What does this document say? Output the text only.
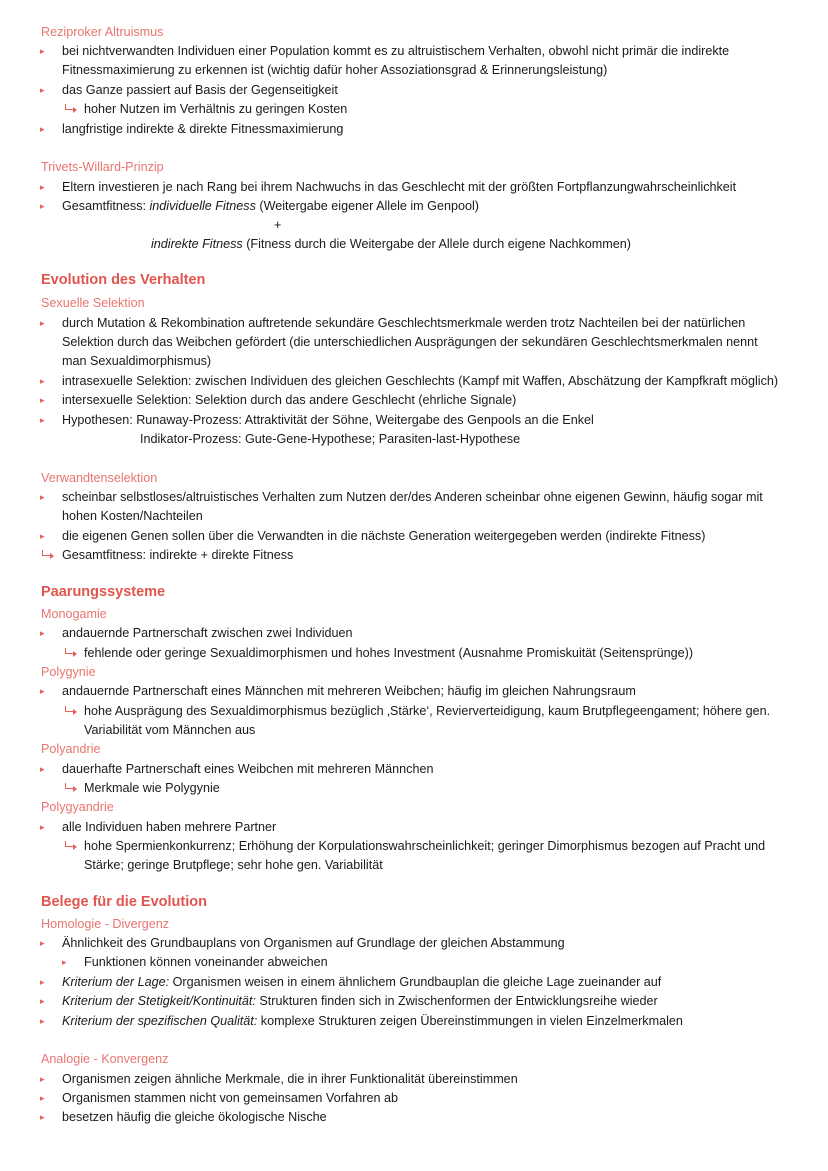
Reziproker Altruismus
▸ bei nichtverwandten Individuen einer Population kommt es zu altruistischem Verhalten, obwohl nicht primär die indirekte
Fitnessmaximierung zu erkennen ist (wichtig dafür hoher Assoziationsgrad & Erinnerungsleistung)
▸ das Ganze passiert auf Basis der Gegenseitigkeit
hoher Nutzen im Verhältnis zu geringen Kosten
▸ langfristige indirekte & direkte Fitnessmaximierung
Trivets-Willard-Prinzip
▸ Eltern investieren je nach Rang bei ihrem Nachwuchs in das Geschlecht mit der größten Fortpflanzungwahrscheinlichkeit
▸ Gesamtfitness: individuelle Fitness (Weitergabe eigener Allele im Genpool)
+
indirekte Fitness (Fitness durch die Weitergabe der Allele durch eigene Nachkommen)
Evolution des Verhalten
Sexuelle Selektion
▸ durch Mutation & Rekombination auftretende sekundäre Geschlechtsmerkmale werden trotz Nachteilen bei der natürlichen
Selektion durch das Weibchen gefördert (die unterschiedlichen Ausprägungen der sekundären Geschlechtsmerkmalen nennt
man Sexualdimorphismus)
▸ intrasexuelle Selektion: zwischen Individuen des gleichen Geschlechts (Kampf mit Waffen, Abschätzung der Kampfkraft möglich)
▸ intersexuelle Selektion: Selektion durch das andere Geschlecht (ehrliche Signale)
▸ Hypothesen: Runaway-Prozess: Attraktivität der Söhne, Weitergabe des Genpools an die Enkel
Indikator-Prozess: Gute-Gene-Hypothese; Parasiten-last-Hypothese
Verwandtenselektion
▸ scheinbar selbstloses/altruistisches Verhalten zum Nutzen der/des Anderen scheinbar ohne eigenen Gewinn, häufig sogar mit
hohen Kosten/Nachteilen
▸ die eigenen Genen sollen über die Verwandten in die nächste Generation weitergegeben werden (indirekte Fitness)
Gesamtfitness: indirekte + direkte Fitness
Paarungssysteme
Monogamie
▸ andauernde Partnerschaft zwischen zwei Individuen
fehlende oder geringe Sexualdimorphismen und hohes Investment (Ausnahme Promiskuität (Seitensprünge))
Polygynie
▸ andauernde Partnerschaft eines Männchen mit mehreren Weibchen; häufig im gleichen Nahrungsraum
hohe Ausprägung des Sexualdimorphismus bezüglich ‚Stärke‘, Revierverteidigung, kaum Brutpflegeengament; höhere gen.
Variabilität vom Männchen aus
Polyandrie
▸ dauerhafte Partnerschaft eines Weibchen mit mehreren Männchen
Merkmale wie Polygynie
Polygyandrie
▸ alle Individuen haben mehrere Partner
hohe Spermienkonkurrenz; Erhöhung der Korpulationswahrscheinlichkeit; geringer Dimorphismus bezogen auf Pracht und
Stärke; geringe Brutpflege; sehr hohe gen. Variabilität
Belege für die Evolution
Homologie - Divergenz
▸ Ähnlichkeit des Grundbauplans von Organismen auf Grundlage der gleichen Abstammung
▸ Funktionen können voneinander abweichen
▸ Kriterium der Lage: Organismen weisen in einem ähnlichem Grundbauplan die gleiche Lage zueinander auf
▸ Kriterium der Stetigkeit/Kontinuität: Strukturen finden sich in Zwischenformen der Entwicklungsreihe wieder
▸ Kriterium der spezifischen Qualität: komplexe Strukturen zeigen Übereinstimmungen in vielen Einzelmerkmalen
Analogie - Konvergenz
▸ Organismen zeigen ähnliche Merkmale, die in ihrer Funktionalität übereinstimmen
▸ Organismen stammen nicht von gemeinsamen Vorfahren ab
▸ besetzen häufig die gleiche ökologische Nische
